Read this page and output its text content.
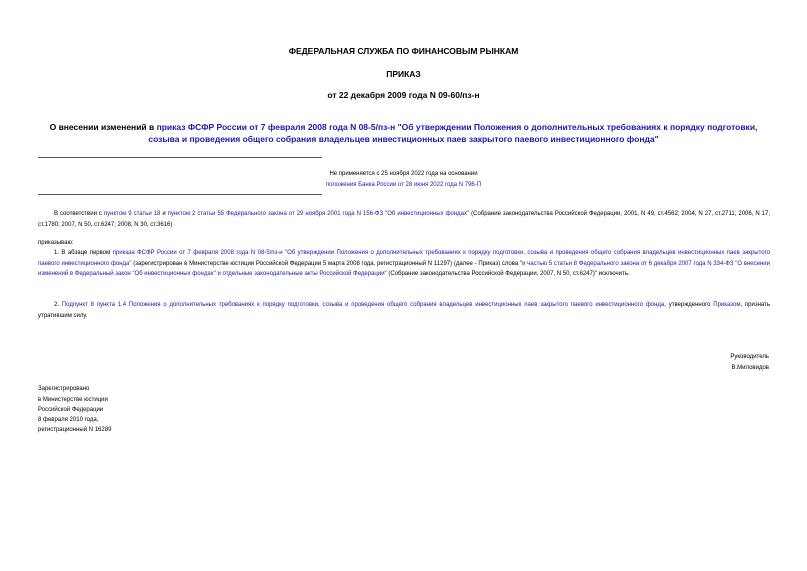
ФЕДЕРАЛЬНАЯ СЛУЖБА ПО ФИНАНСОВЫМ РЫНКАМ
ПРИКАЗ
от 22 декабря 2009 года N 09-60/пз-н
О внесении изменений в приказ ФСФР России от 7 февраля 2008 года N 08-5/пз-н "Об утверждении Положения о дополнительных требованиях к порядку подготовки, созыва и проведения общего собрания владельцев инвестиционных паев закрытого паевого инвестиционного фонда"
Не применяется с 25 ноября 2022 года на основании
положения Банка России от 28 июня 2022 года N 796-П
В соответствии с пунктом 9 статьи 18 и пунктом 2 статьи 55 Федерального закона от 29 ноября 2001 года N 156-ФЗ "Об инвестиционных фондах" (Собрание законодательства Российской Федерации, 2001, N 49, ст.4562; 2004, N 27, ст.2711; 2006, N 17, ст.1780; 2007, N 50, ст.6247; 2008, N 30, ст.3616)
приказываю:
1. В абзаце первом приказа ФСФР России от 7 февраля 2008 года N 08-5/пз-н "Об утверждении Положения о дополнительных требованиях к порядку подготовки, созыва и проведения общего собрания владельцев инвестиционных паев закрытого паевого инвестиционного фонда" (зарегистрирован в Министерстве юстиции Российской Федерации 5 марта 2008 года, регистрационный N 11297) (далее - Приказ) слова "и частью 5 статьи 8 Федерального закона от 6 декабря 2007 года N 334-ФЗ "О внесении изменений в Федеральный закон "Об инвестиционных фондах" и отдельные законодательные акты Российской Федерации" (Собрание законодательства Российской Федерации, 2007, N 50, ст.6247)" исключить.
2. Подпункт 8 пункта 1.4 Положения о дополнительных требованиях к порядку подготовки, созыва и проведения общего собрания владельцев инвестиционных паев закрытого паевого инвестиционного фонда, утвержденного Приказом, признать утратившим силу.
Руководитель
В.Миловидов
Зарегистрировано
в Министерстве юстиции
Российской Федерации
8 февраля 2010 года,
регистрационный N 16289
